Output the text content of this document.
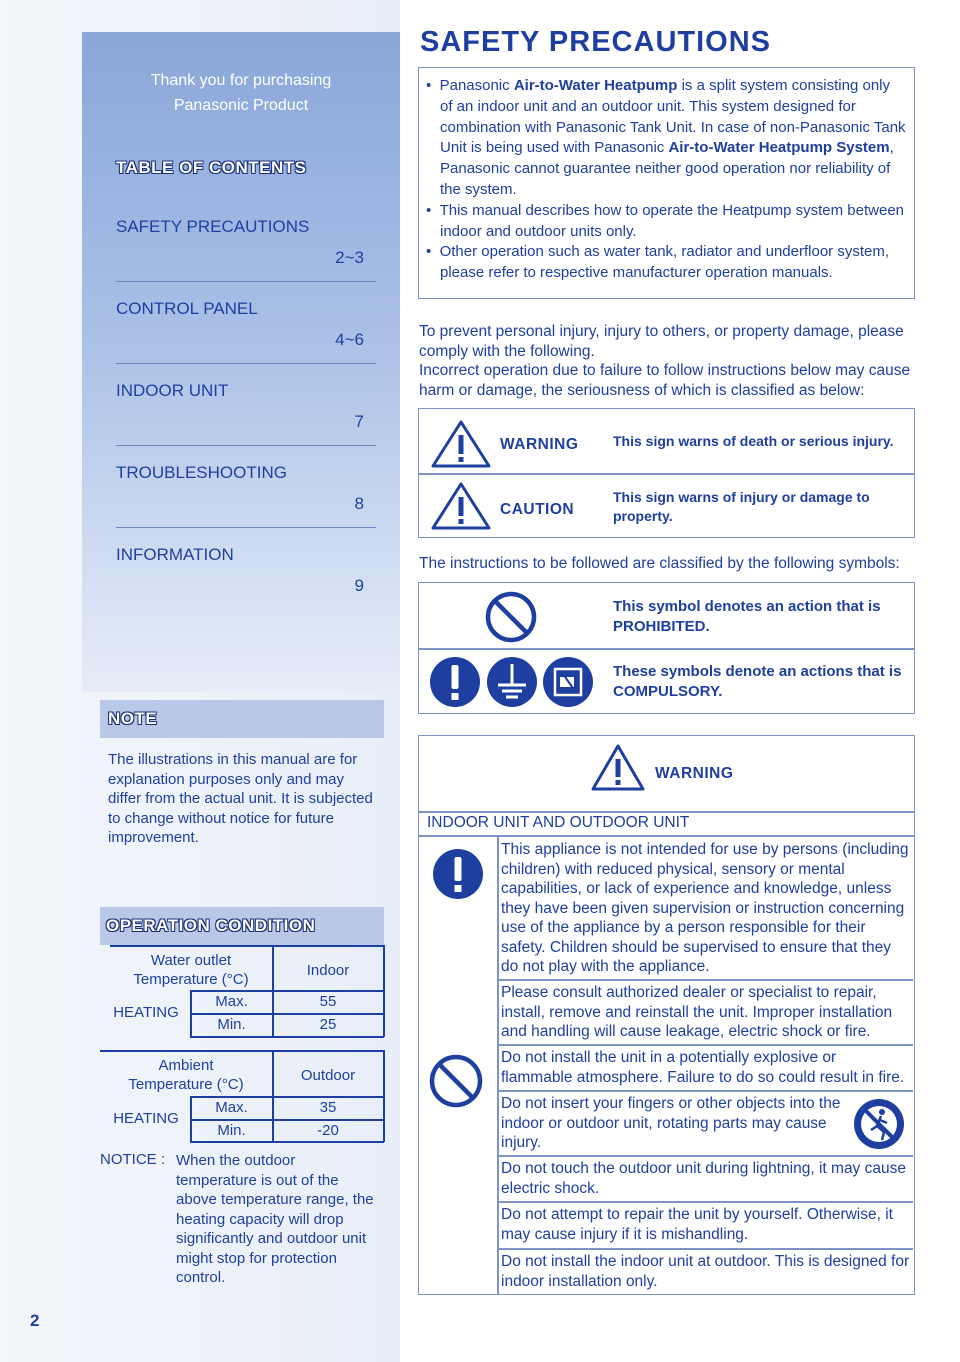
Thank you for purchasing
Panasonic Product
TABLE OF CONTENTS
SAFETY PRECAUTIONS
2~3
CONTROL PANEL
4~6
INDOOR UNIT
7
TROUBLESHOOTING
8
INFORMATION
9
NOTE
The illustrations in this manual are for explanation purposes only and may differ from the actual unit. It is subjected to change without notice for future improvement.
OPERATION CONDITION
Water outlet
Temperature (°C)
Indoor
HEATING
Max.	55
Min.	25
Ambient
Temperature (°C)
Outdoor
HEATING
Max.	35
Min.	-20
NOTICE : When the outdoor temperature is out of the above temperature range, the heating capacity will drop significantly and outdoor unit might stop for protection control.
2
SAFETY PRECAUTIONS

•  Panasonic Air-to-Water Heatpump is a split system consisting only of an indoor unit and an outdoor unit. This system designed for combination with Panasonic Tank Unit. In case of non-Panasonic Tank Unit is being used with Panasonic Air-to-Water Heatpump System, Panasonic cannot guarantee neither good operation nor reliability of the system.

•  This manual describes how to operate the Heatpump system between indoor and outdoor units only.

•  Other operation such as water tank, radiator and underfloor system, please refer to respective manufacturer operation manuals.

To prevent personal injury, injury to others, or property damage, please comply with the following.
Incorrect operation due to failure to follow instructions below may cause harm or damage, the seriousness of which is classified as below:
WARNING This sign warns of death or serious injury.
CAUTION
This sign warns of injury or damage to property.
The instructions to be followed are classified by the following symbols:
This symbol denotes an action that is PROHIBITED.
These symbols denote an actions that is COMPULSORY.
WARNING
INDOOR UNIT AND OUTDOOR UNIT
This appliance is not intended for use by persons (including children) with reduced physical, sensory or mental capabilities, or lack of experience and knowledge, unless they have been given supervision or instruction concerning use of the appliance by a person responsible for their safety. Children should be supervised to ensure that they do not play with the appliance.
Please consult authorized dealer or specialist to repair, install, remove and reinstall the unit. Improper installation and handling will cause leakage, electric shock or fire.
Do not install the unit in a potentially explosive or flammable atmosphere. Failure to do so could result in fire.
Do not insert your fingers or other objects into the indoor or outdoor unit, rotating parts may cause injury.
Do not touch the outdoor unit during lightning, it may cause electric shock.
Do not attempt to repair the unit by yourself. Otherwise, it may cause injury if it is mishandling.
Do not install the indoor unit at outdoor. This is designed for indoor installation only.
